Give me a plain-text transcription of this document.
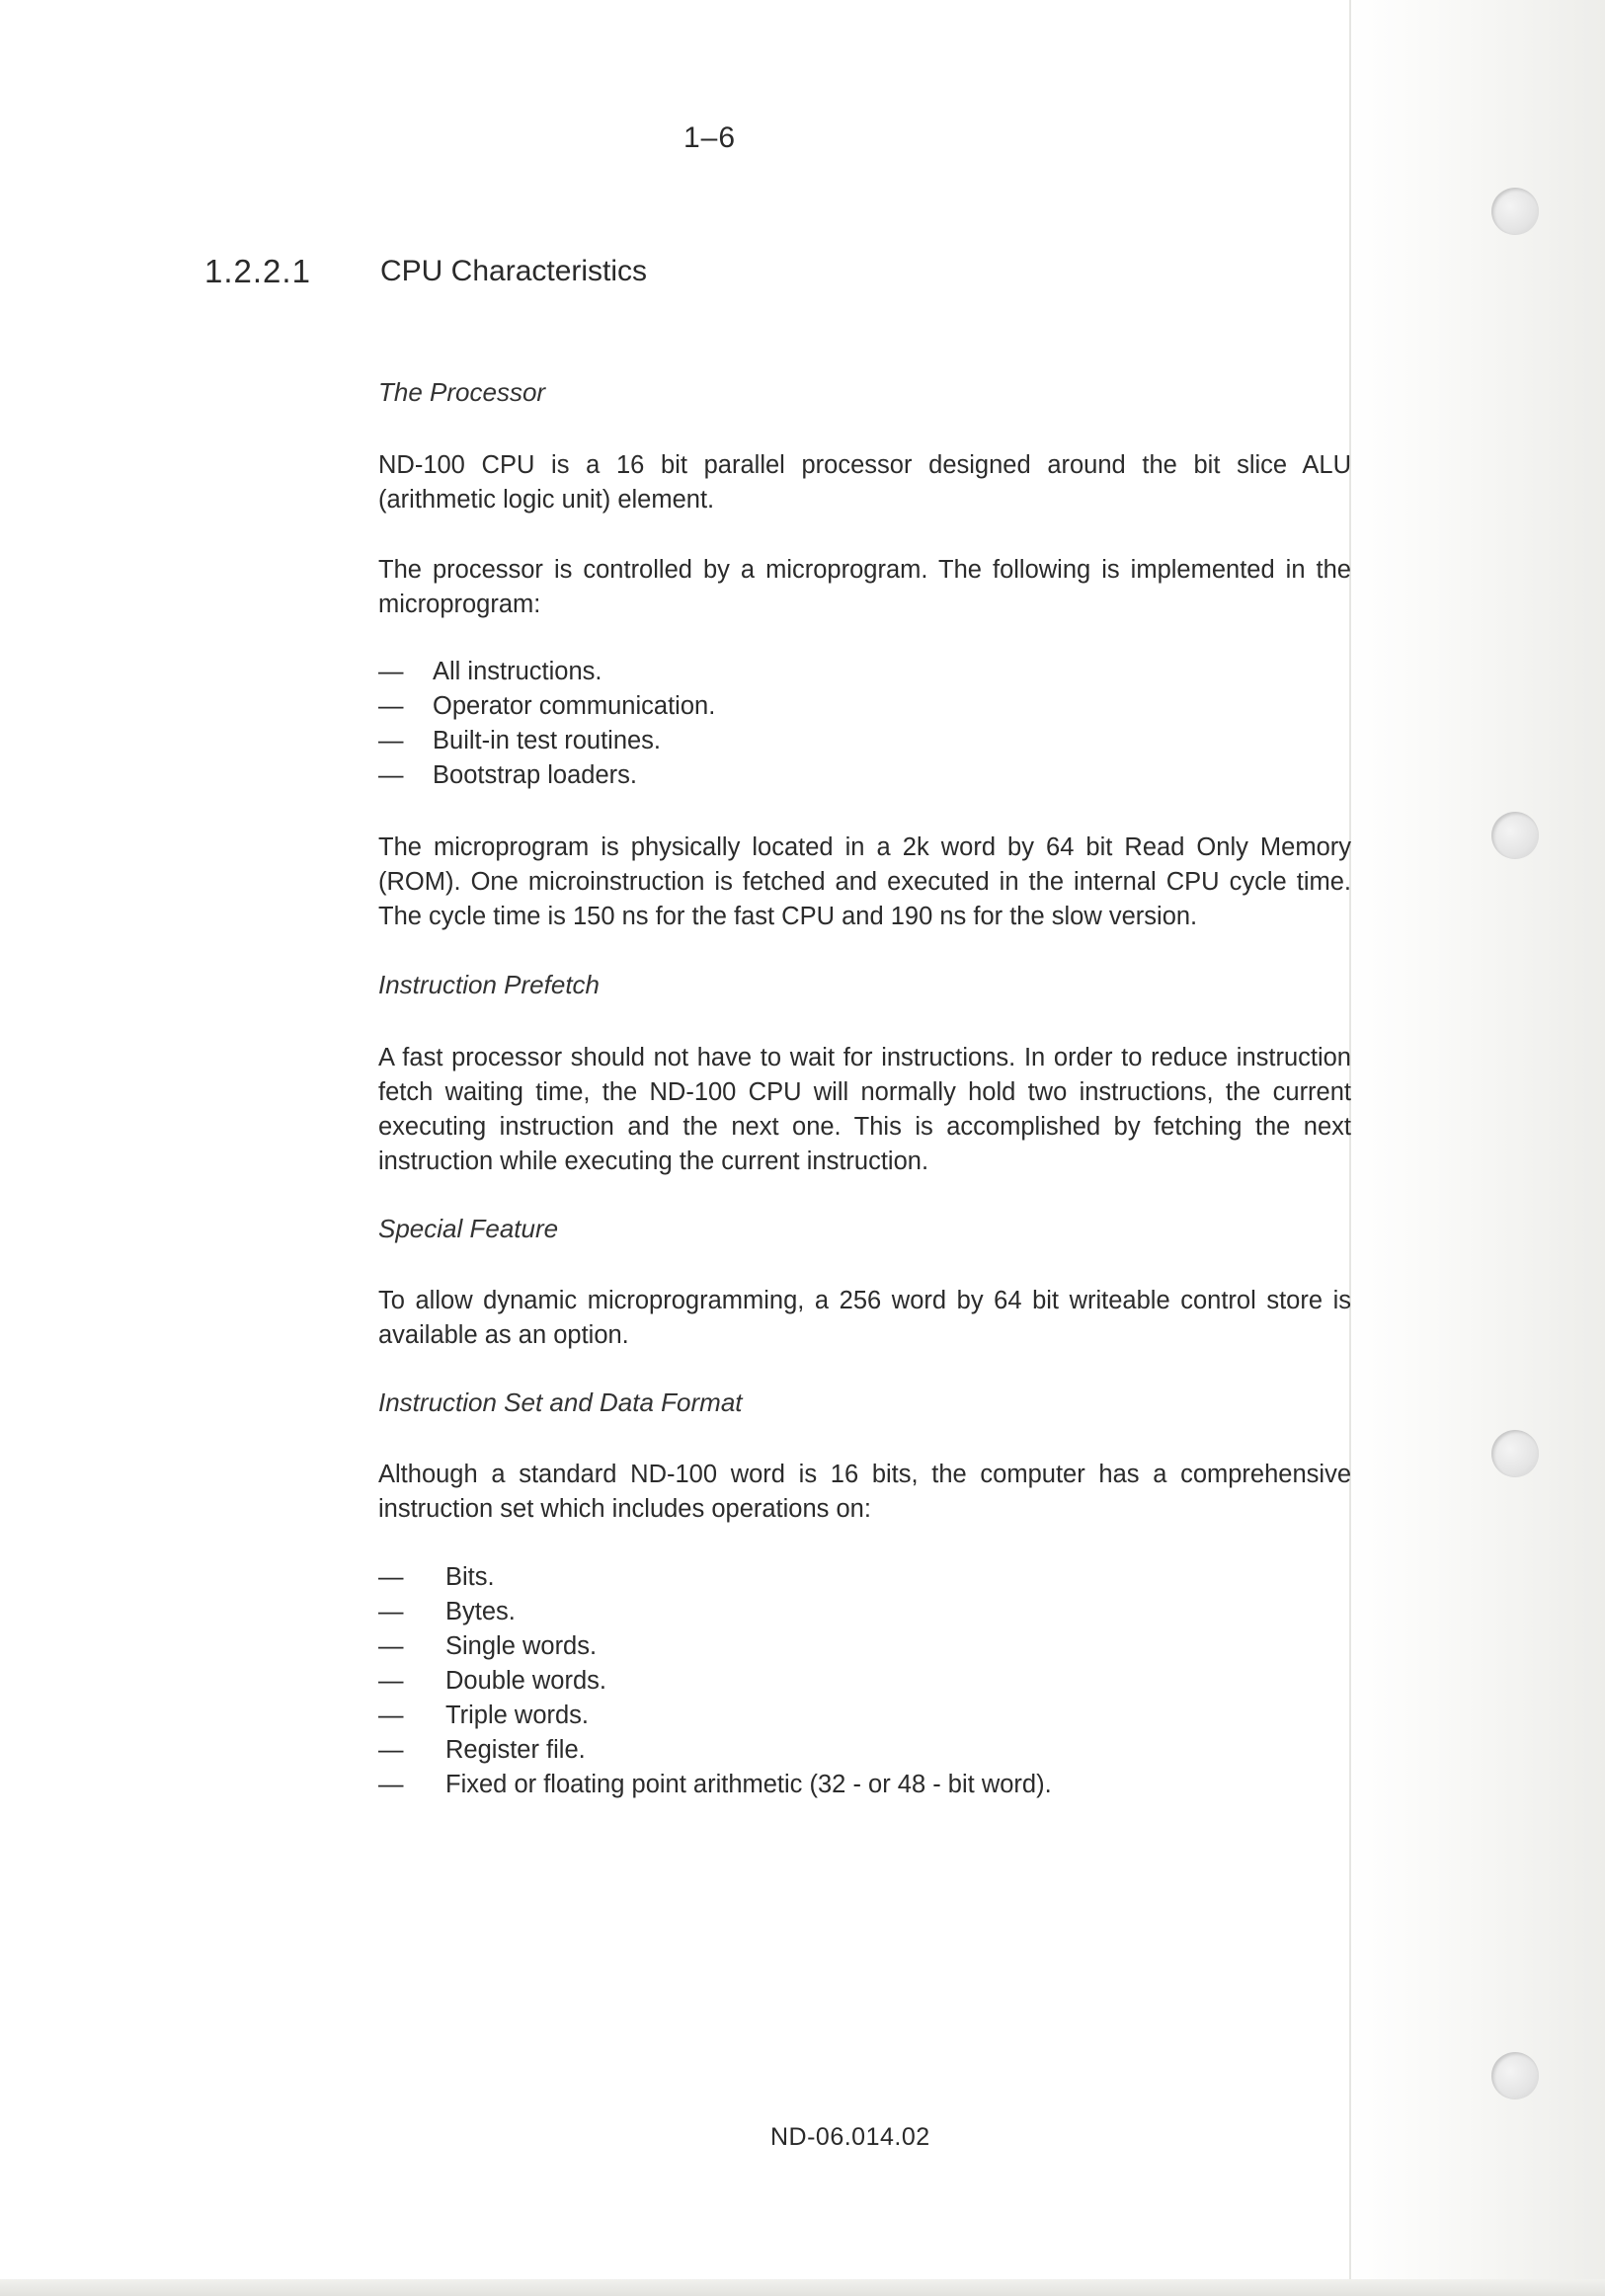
1–6
1.2.2.1 CPU Characteristics
The Processor
ND-100 CPU is a 16 bit parallel processor designed around the bit slice ALU (arithmetic logic unit) element.
The processor is controlled by a microprogram. The following is implemented in the microprogram:
— All instructions.
— Operator communication.
— Built-in test routines.
— Bootstrap loaders.
The microprogram is physically located in a 2k word by 64 bit Read Only Memory (ROM). One microinstruction is fetched and executed in the internal CPU cycle time. The cycle time is 150 ns for the fast CPU and 190 ns for the slow version.
Instruction Prefetch
A fast processor should not have to wait for instructions. In order to reduce instruction fetch waiting time, the ND-100 CPU will normally hold two instructions, the current executing instruction and the next one. This is accomplished by fetching the next instruction while executing the current instruction.
Special Feature
To allow dynamic microprogramming, a 256 word by 64 bit writeable control store is available as an option.
Instruction Set and Data Format
Although a standard ND-100 word is 16 bits, the computer has a comprehensive instruction set which includes operations on:
— Bits.
— Bytes.
— Single words.
— Double words.
— Triple words.
— Register file.
— Fixed or floating point arithmetic (32 - or 48 - bit word).
ND-06.014.02
